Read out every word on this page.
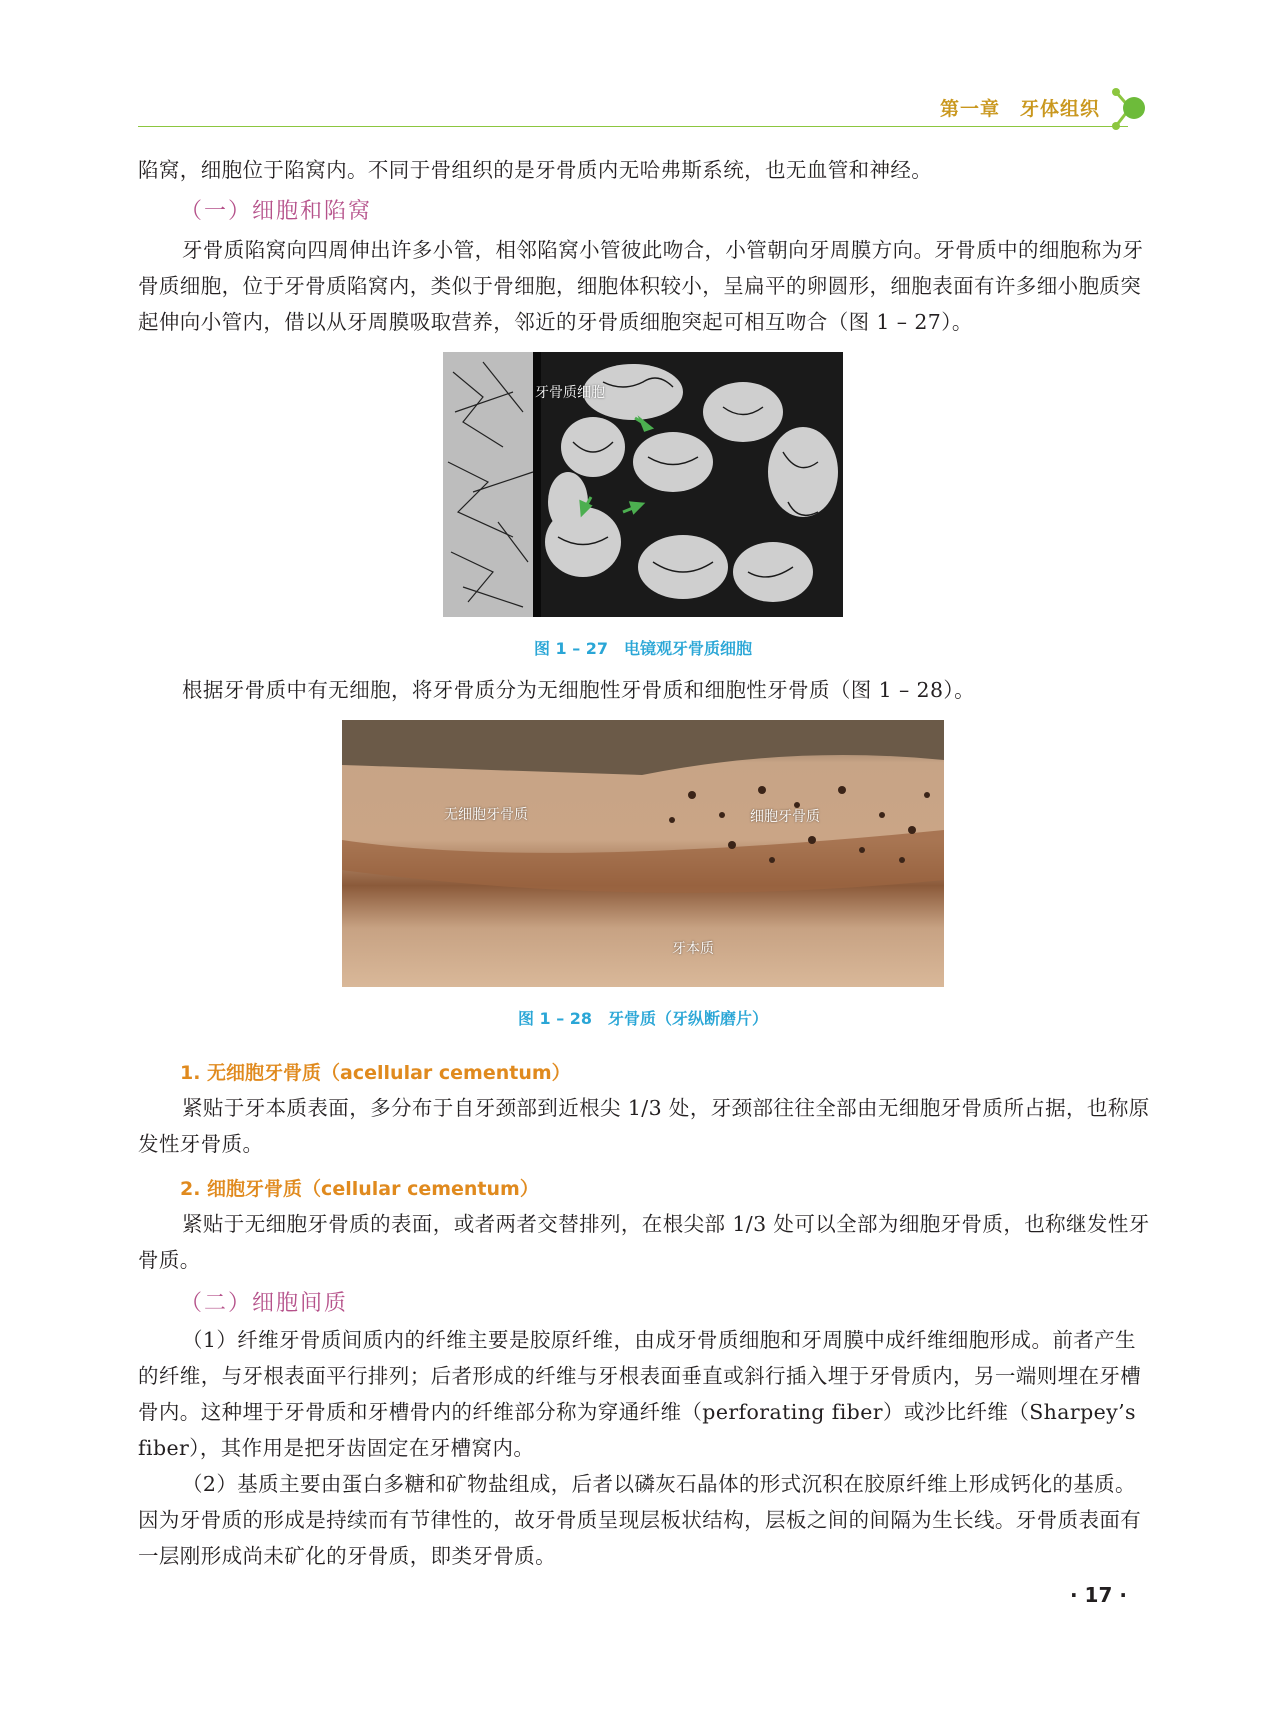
第一章　牙体组织
陷窝，细胞位于陷窝内。不同于骨组织的是牙骨质内无哈弗斯系统，也无血管和神经。
（一）细胞和陷窝
牙骨质陷窝向四周伸出许多小管，相邻陷窝小管彼此吻合，小管朝向牙周膜方向。牙骨质中的细胞称为牙骨质细胞，位于牙骨质陷窝内，类似于骨细胞，细胞体积较小，呈扁平的卵圆形，细胞表面有许多细小胞质突起伸向小管内，借以从牙周膜吸取营养，邻近的牙骨质细胞突起可相互吻合（图 1 – 27）。
牙骨质细胞
图 1 – 27　电镜观牙骨质细胞
根据牙骨质中有无细胞，将牙骨质分为无细胞性牙骨质和细胞性牙骨质（图 1 – 28）。
无细胞牙骨质	细胞牙骨质
牙本质
图 1 – 28　牙骨质（牙纵断磨片）
1. 无细胞牙骨质（acellular cementum）
紧贴于牙本质表面，多分布于自牙颈部到近根尖 1/3 处，牙颈部往往全部由无细胞牙骨质所占据，也称原发性牙骨质。
2. 细胞牙骨质（cellular cementum）
紧贴于无细胞牙骨质的表面，或者两者交替排列，在根尖部 1/3 处可以全部为细胞牙骨质，也称继发性牙骨质。
（二）细胞间质
（1）纤维牙骨质间质内的纤维主要是胶原纤维，由成牙骨质细胞和牙周膜中成纤维细胞形成。前者产生的纤维，与牙根表面平行排列；后者形成的纤维与牙根表面垂直或斜行插入埋于牙骨质内，另一端则埋在牙槽骨内。这种埋于牙骨质和牙槽骨内的纤维部分称为穿通纤维（perforating fiber）或沙比纤维（Sharpey’s fiber），其作用是把牙齿固定在牙槽窝内。
（2）基质主要由蛋白多糖和矿物盐组成，后者以磷灰石晶体的形式沉积在胶原纤维上形成钙化的基质。因为牙骨质的形成是持续而有节律性的，故牙骨质呈现层板状结构，层板之间的间隔为生长线。牙骨质表面有一层刚形成尚未矿化的牙骨质，即类牙骨质。
· 17 ·
